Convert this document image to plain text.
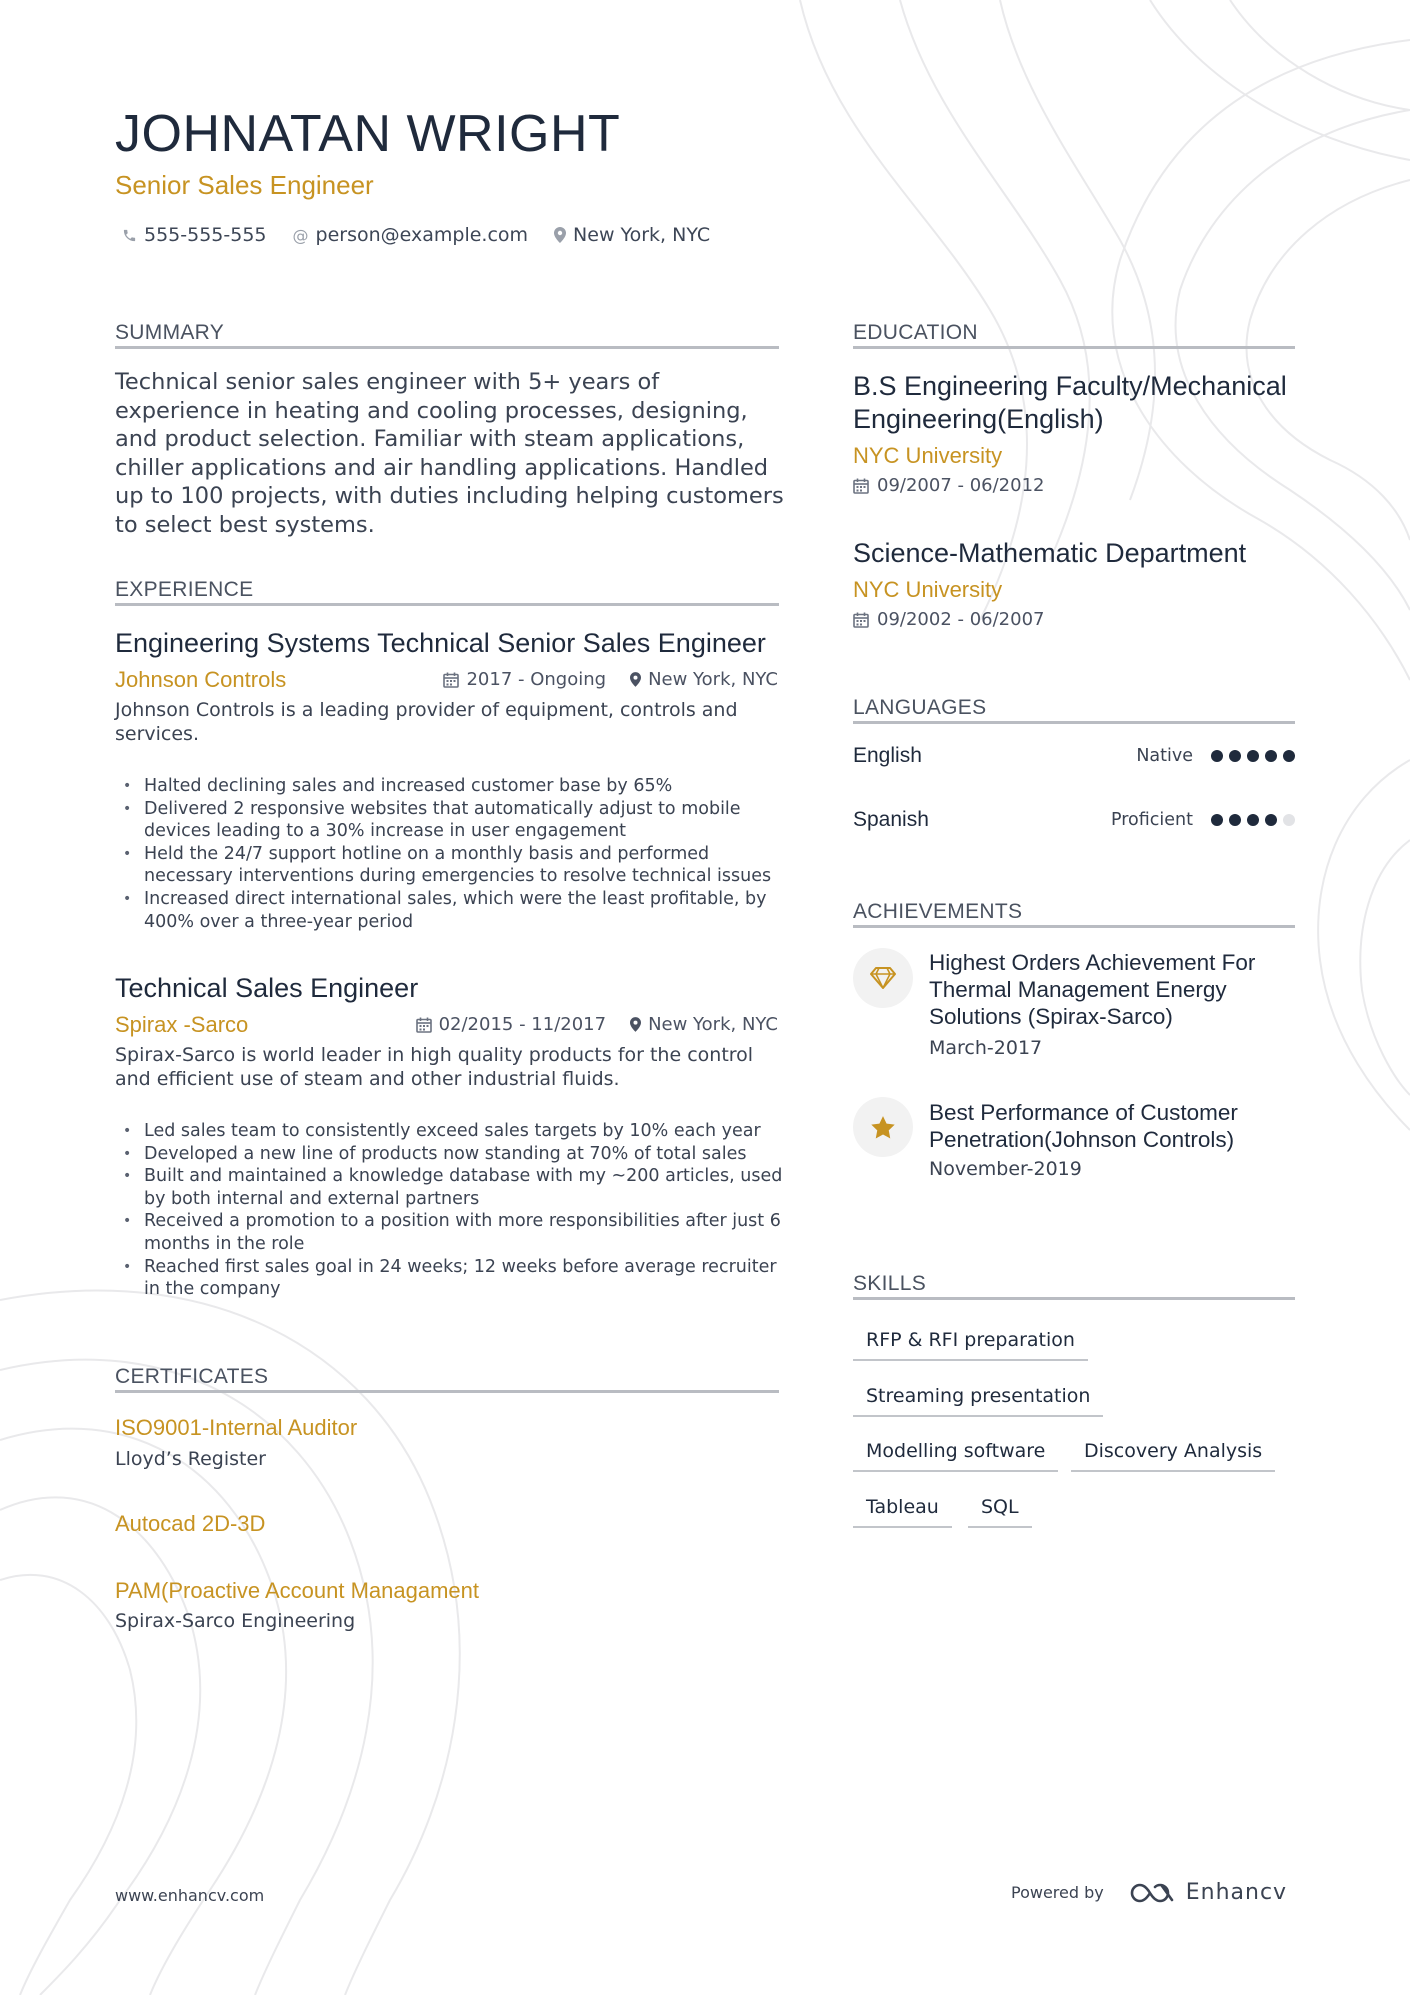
JOHNATAN WRIGHT
Senior Sales Engineer
555-555-555 @ person@example.com New York, NYC
SUMMARY
Technical senior sales engineer with 5+ years of experience in heating and cooling processes, designing, and product selection. Familiar with steam applications, chiller applications and air handling applications. Handled up to 100 projects, with duties including helping customers to select best systems.
EXPERIENCE
Engineering Systems Technical Senior Sales Engineer
Johnson Controls	2017 - Ongoing New York, NYC
Johnson Controls is a leading provider of equipment, controls and services.
• Halted declining sales and increased customer base by 65%
• Delivered 2 responsive websites that automatically adjust to mobile devices leading to a 30% increase in user engagement
• Held the 24/7 support hotline on a monthly basis and performed necessary interventions during emergencies to resolve technical issues
• Increased direct international sales, which were the least profitable, by 400% over a three-year period
Technical Sales Engineer
Spirax -Sarco	02/2015 - 11/2017 New York, NYC
Spirax-Sarco is world leader in high quality products for the control and efficient use of steam and other industrial fluids.
• Led sales team to consistently exceed sales targets by 10% each year
• Developed a new line of products now standing at 70% of total sales
• Built and maintained a knowledge database with my ~200 articles, used by both internal and external partners
• Received a promotion to a position with more responsibilities after just 6 months in the role
• Reached first sales goal in 24 weeks; 12 weeks before average recruiter in the company
CERTIFICATES
ISO9001-Internal Auditor
Lloyd’s Register
Autocad 2D-3D
PAM(Proactive Account Managament
Spirax-Sarco Engineering
EDUCATION
B.S Engineering Faculty/Mechanical Engineering(English)
NYC University
09/2007 - 06/2012
Science-Mathematic Department
NYC University
09/2002 - 06/2007
LANGUAGES
English	Native
Spanish	Proficient
ACHIEVEMENTS
Highest Orders Achievement For Thermal Management Energy Solutions (Spirax-Sarco)
March-2017
Best Performance of Customer Penetration(Johnson Controls)
November-2019
SKILLS
RFP & RFI preparation
Streaming presentation
Modelling software	Discovery Analysis
Tableau	SQL
www.enhancv.com	Powered by	Enhancv
